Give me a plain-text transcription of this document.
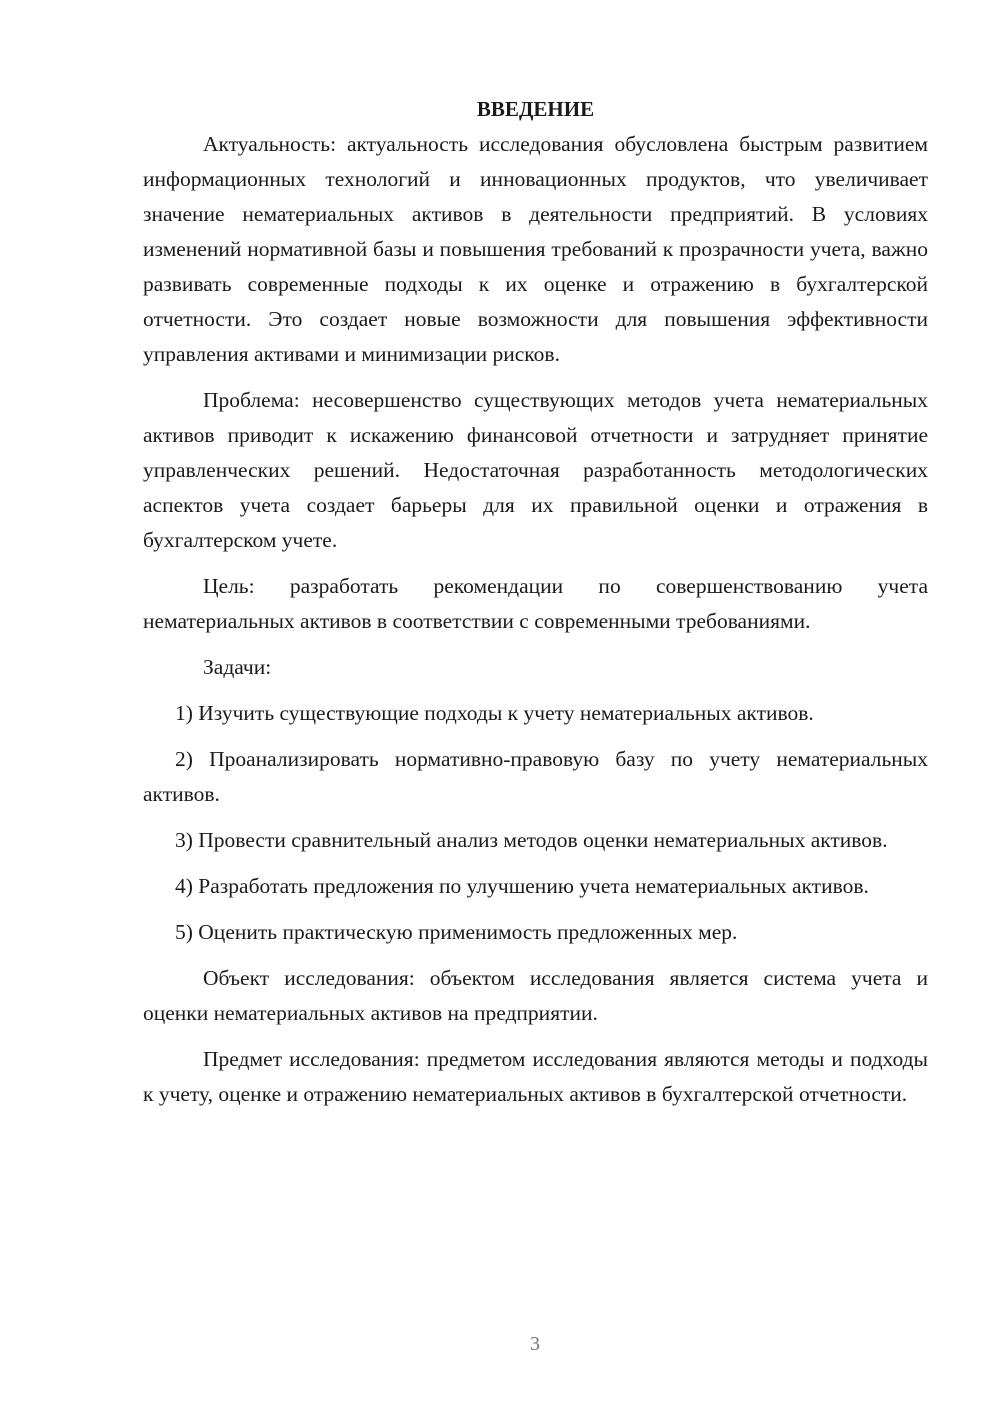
ВВЕДЕНИЕ

Актуальность: актуальность исследования обусловлена быстрым развитием информационных технологий и инновационных продуктов, что увеличивает значение нематериальных активов в деятельности предприятий. В условиях изменений нормативной базы и повышения требований к прозрачности учета, важно развивать современные подходы к их оценке и отражению в бухгалтерской отчетности. Это создает новые возможности для повышения эффективности управления активами и минимизации рисков.

Проблема: несовершенство существующих методов учета нематериальных активов приводит к искажению финансовой отчетности и затрудняет принятие управленческих решений. Недостаточная разработанность методологических аспектов учета создает барьеры для их правильной оценки и отражения в бухгалтерском учете.

Цель: разработать рекомендации по совершенствованию учета нематериальных активов в соответствии с современными требованиями.

Задачи:

1) Изучить существующие подходы к учету нематериальных активов.

2) Проанализировать нормативно-правовую базу по учету нематериальных активов.

3) Провести сравнительный анализ методов оценки нематериальных активов.

4) Разработать предложения по улучшению учета нематериальных активов.

5) Оценить практическую применимость предложенных мер.

Объект исследования: объектом исследования является система учета и оценки нематериальных активов на предприятии.

Предмет исследования: предметом исследования являются методы и подходы к учету, оценке и отражению нематериальных активов в бухгалтерской отчетности.

3
